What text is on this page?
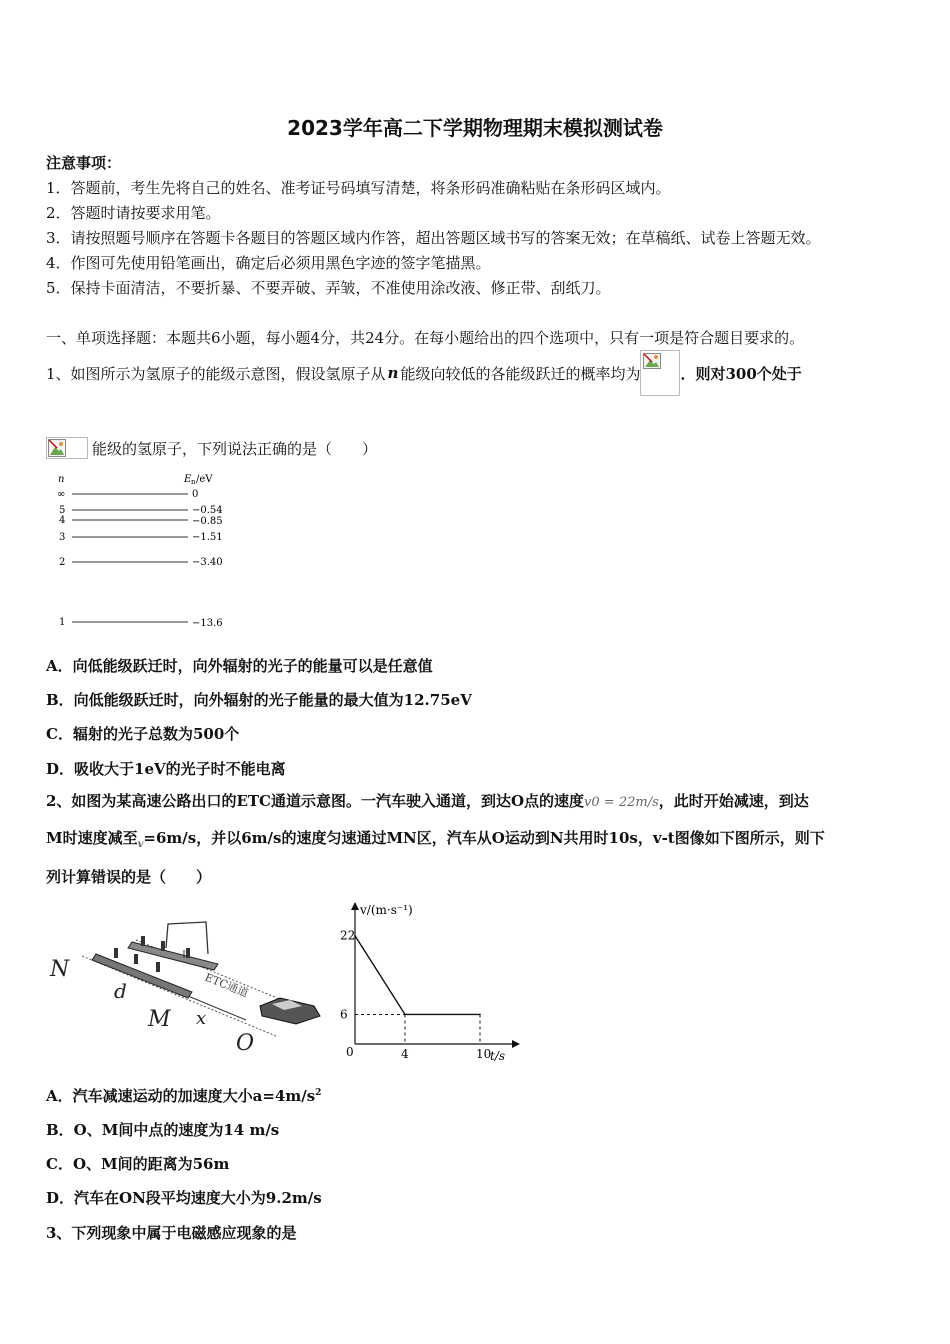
2023学年高二下学期物理期末模拟测试卷
注意事项：
1．答题前，考生先将自己的姓名、准考证号码填写清楚，将条形码准确粘贴在条形码区域内。
2．答题时请按要求用笔。
3．请按照题号顺序在答题卡各题目的答题区域内作答，超出答题区域书写的答案无效；在草稿纸、试卷上答题无效。
4．作图可先使用铅笔画出，确定后必须用黑色字迹的签字笔描黑。
5．保持卡面清洁，不要折暴、不要弄破、弄皱，不准使用涂改液、修正带、刮纸刀。
一、单项选择题：本题共6小题，每小题4分，共24分。在每小题给出的四个选项中，只有一项是符合题目要求的。
1、如图所示为氢原子的能级示意图，假设氢原子从 n 能级向较低的各能级跃迁的概率均为	．则对300个处于
能级的氢原子，下列说法正确的是（　　）
n	E n /eV
∞	0
5	−0.54
4	−0.85
3	−1.51
2	−3.40
1	−13.6
A．向低能级跃迁时，向外辐射的光子的能量可以是任意值
B．向低能级跃迁时，向外辐射的光子能量的最大值为12.75eV
C．辐射的光子总数为500个
D．吸收大于1eV的光子时不能电离
2、如图为某高速公路出口的ETC通道示意图。一汽车驶入通道，到达O点的速度v0 = 22m/s，此时开始减速，到达
M时速度减至$_v$=6m/s，并以6m/s的速度匀速通过MN区，汽车从O运动到N共用时10s，v-t图像如下图所示，则下
列计算错误的是（　　）
N
d
M x
O
ETC通道
v/(m·s⁻¹)
t/s
0	4	10
6
22
A．汽车减速运动的加速度大小$a=4m/s^2$
B．O、M间中点的速度为14 m/s
C．O、M间的距离为56m
D．汽车在ON段平均速度大小为9.2m/s
3、下列现象中属于电磁感应现象的是
